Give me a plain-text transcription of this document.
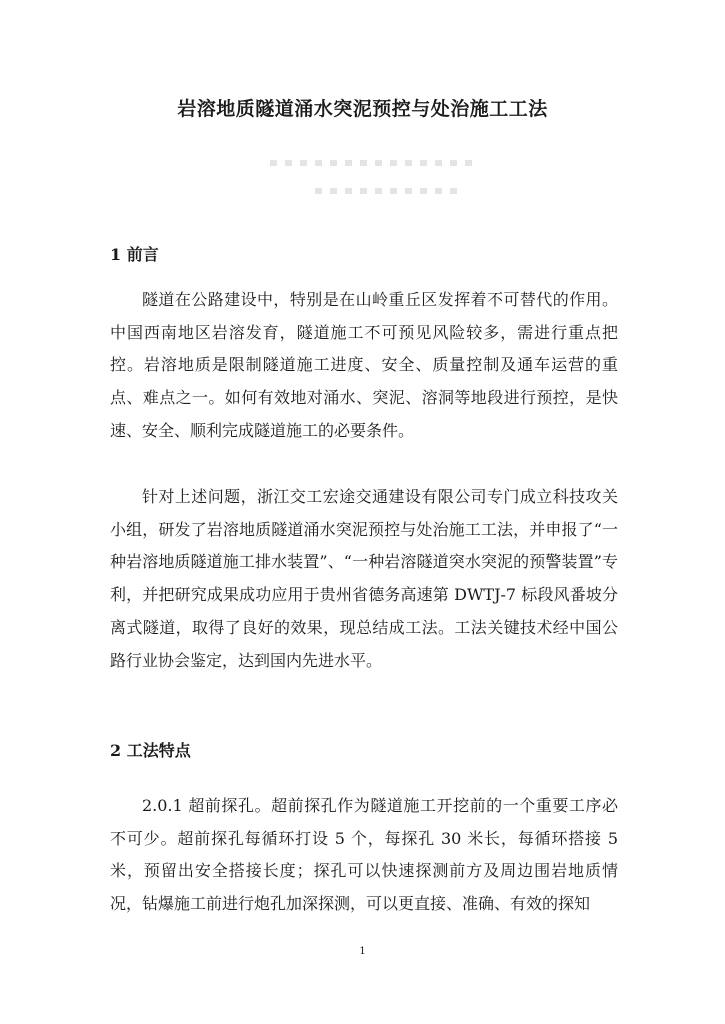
岩溶地质隧道涌水突泥预控与处治施工工法
1 前言

隧道在公路建设中，特别是在山岭重丘区发挥着不可替代的作用。中国西南地区岩溶发育，隧道施工不可预见风险较多，需进行重点把控。岩溶地质是限制隧道施工进度、安全、质量控制及通车运营的重点、难点之一。如何有效地对涌水、突泥、溶洞等地段进行预控，是快速、安全、顺利完成隧道施工的必要条件。

针对上述问题，浙江交工宏途交通建设有限公司专门成立科技攻关小组，研发了岩溶地质隧道涌水突泥预控与处治施工工法，并申报了“一种岩溶地质隧道施工排水装置”、“一种岩溶隧道突水突泥的预警装置”专利，并把研究成果成功应用于贵州省德务高速第 DWTJ-7 标段风番坡分离式隧道，取得了良好的效果，现总结成工法。工法关键技术经中国公路行业协会鉴定，达到国内先进水平。

2 工法特点

2.0.1 超前探孔。超前探孔作为隧道施工开挖前的一个重要工序必不可少。超前探孔每循环打设 5 个，每探孔 30 米长，每循环搭接 5 米，预留出安全搭接长度；探孔可以快速探测前方及周边围岩地质情况，钻爆施工前进行炮孔加深探测，可以更直接、准确、有效的探知

1
